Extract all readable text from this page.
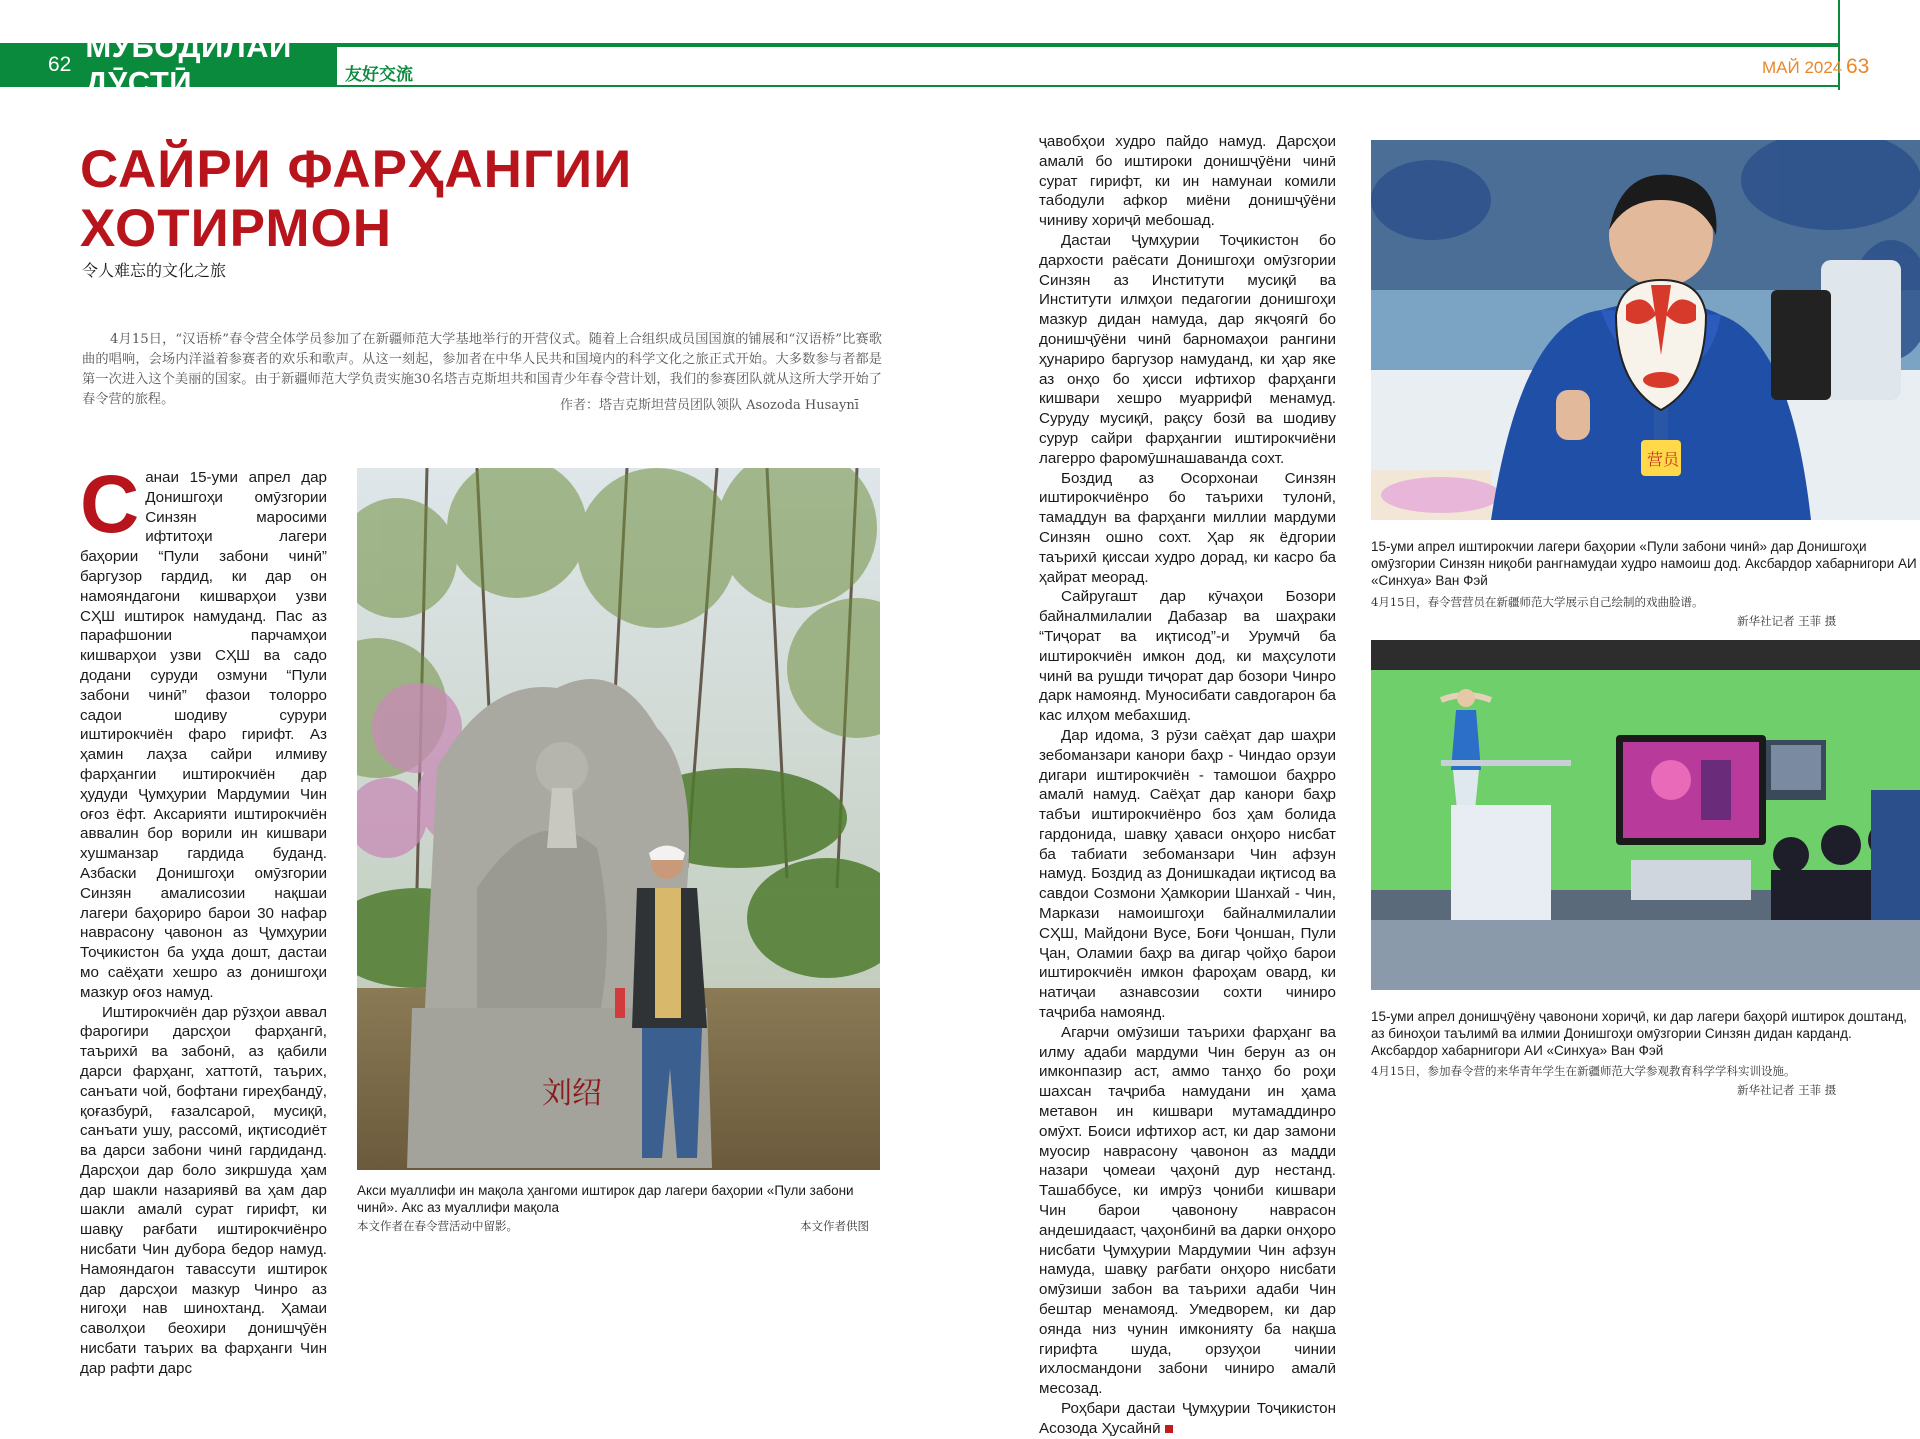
62
МУБОДИЛАИ ДӮСТӢ	友好交流	МАЙ 2024 63
САЙРИ ФАРҲАНГИИ ХОТИРМОН
令人难忘的文化之旅
4月15日，“汉语桥”春令营全体学员参加了在新疆师范大学基地举行的开营仪式。随着上合组织成员国国旗的铺展和“汉语桥”比赛歌曲的唱响，会场内洋溢着参赛者的欢乐和歌声。从这一刻起，参加者在中华人民共和国境内的科学文化之旅正式开始。大多数参与者都是第一次进入这个美丽的国家。由于新疆师范大学负责实施30名塔吉克斯坦共和国青少年春令营计划，我们的参赛团队就从这所大学开始了春令营的旅程。	作者：塔吉克斯坦营员团队领队 Asozoda Husaynī

Санаи 15-уми апрел дар Донишгоҳи омӯзгории Синзян маросими ифтитоҳи лагери баҳории “Пули забони чинӣ” баргузор гардид, ки дар он намояндагони кишварҳои узви СҲШ иштирок намуданд. Пас аз парафшонии парчамҳои кишварҳои узви СҲШ ва садо додани суруди озмуни “Пули забони чинӣ” фазои толорро садои шодиву сурури иштирокчиён фаро гирифт. Аз ҳамин лаҳза сайри илмиву фарҳангии иштирокчиён дар ҳудуди Ҷумҳурии Мардумии Чин оғоз ёфт. Аксарияти иштирокчиён аввалин бор ворили ин кишвари хушманзар гардида буданд. Азбаски Донишгоҳи омӯзгории Синзян амалисозии нақшаи лагери баҳориро барои 30 нафар наврасону ҷавонон аз Ҷумҳурии Тоҷикистон ба уҳда дошт, дастаи мо саёҳати хешро аз донишгоҳи мазкур оғоз намуд.

Иштирокчиён дар рӯзҳои аввал фарогири дарсҳои фарҳангӣ, таърихӣ ва забонӣ, аз қабили дарси фарҳанг, хаттотӣ, таърих, санъати чой, бофтани гиреҳбандӯ, қоғазбурӣ, ғазалсароӣ, мусиқӣ, санъати ушу, рассомӣ, иқтисодиёт ва дарси забони чинӣ гардиданд. Дарсҳои дар боло зикршуда ҳам дар шакли назариявӣ ва ҳам дар шакли амалӣ сурат гирифт, ки шавқу рағбати иштирокчиёнро нисбати Чин дубора бедор намуд. Намояндагон тавассути иштирок дар дарсҳои мазкур Чинро аз нигоҳи нав шинохтанд. Ҳамаи саволҳои беохири донишҷӯён нисбати таърих ва фарҳанги Чин дар рафти дарс

刘绍
Акси муаллифи ин мақола ҳангоми иштирок дар лагери баҳории «Пули забони чинӣ». Акс аз муаллифи мақола
本文作者在春令营活动中留影。	本文作者供图

ҷавобҳои худро пайдо намуд. Дарсҳои амалӣ бо иштироки донишҷӯёни чинӣ сурат гирифт, ки ин намунаи комили табодули афкор миёни донишҷӯёни чиниву хориҷӣ мебошад.

Дастаи Ҷумҳурии Тоҷикистон бо дархости раёсати Донишгоҳи омӯзгории Синзян аз Институти мусиқӣ ва Институти илмҳои педагогии донишгоҳи мазкур дидан намуда, дар якҷоягӣ бо донишҷӯёни чинӣ барномаҳои рангини ҳунариро баргузор намуданд, ки ҳар яке аз онҳо бо ҳисси ифтихор фарҳанги кишвари хешро муаррифӣ менамуд. Суруду мусиқӣ, рақсу бозӣ ва шодиву сурур сайри фарҳангии иштирокчиёни лагерро фаромӯшнашаванда сохт.

Боздид аз Осорхонаи Синзян иштирокчиёнро бо таърихи тулонӣ, тамаддун ва фарҳанги миллии мардуми Синзян ошно сохт. Ҳар як ёдгории таърихӣ қиссаи худро дорад, ки касро ба ҳайрат меорад.

Сайругашт дар кӯчаҳои Бозори байналмилалии Дабазар ва шаҳраки “Тиҷорат ва иқтисод”-и Урумчӣ ба иштирокчиён имкон дод, ки маҳсулоти чинӣ ва рушди тиҷорат дар бозори Чинро дарк намоянд. Муносибати савдогарон ба кас илҳом мебахшид.

Дар идома, 3 рӯзи саёҳат дар шаҳри зебоманзари канори баҳр - Чиндао орзуи дигари иштирокчиён - тамошои баҳрро амалӣ намуд. Саёҳат дар канори баҳр табъи иштирокчиёнро боз ҳам болида гардонида, шавқу ҳаваси онҳоро нисбат ба табиати зебоманзари Чин афзун намуд. Боздид аз Донишкадаи иқтисод ва савдои Созмони Ҳамкории Шанхай - Чин, Маркази намоишгоҳи байналмилалии СҲШ, Майдони Вусе, Боғи Ҷоншан, Пули Ҷан, Оламии баҳр ва дигар ҷойҳо барои иштирокчиён имкон фароҳам овард, ки натиҷаи азнавсозии сохти чиниро таҷриба намоянд.

Агарчи омӯзиши таърихи фарҳанг ва илму адаби мардуми Чин берун аз он имконпазир аст, аммо танҳо бо роҳи шахсан таҷриба намудани ин ҳама метавон ин кишвари мутамаддинро омӯхт. Боиси ифтихор аст, ки дар замони муосир наврасону ҷавонон аз мадди назари ҷомеаи ҷаҳонӣ дур нестанд. Ташаббусе, ки имрӯз ҷониби кишвари Чин барои ҷавонону наврасон андешидааст, ҷаҳонбинӣ ва дарки онҳоро нисбати Ҷумҳурии Мардумии Чин афзун намуда, шавқу рағбати онҳоро нисбати омӯзиши забон ва таърихи адаби Чин бештар менамояд. Умедворем, ки дар оянда низ чунин имконияту ба нақша гирифта шуда, орзуҳои чинии ихлосмандони забони чиниро амалӣ месозад.

Роҳбари дастаи Ҷумҳурии Тоҷикистон Асозода Ҳусайнӣ

营员
15-уми апрел иштирокчии лагери баҳории «Пули забони чинӣ» дар Донишгоҳи омӯзгории Синзян ниқоби рангнамудаи худро намоиш дод. Аксбардор хабарнигори АИ «Синхуа» Ван Фэй
4月15日，春令营营员在新疆师范大学展示自己绘制的戏曲脸谱。
新华社记者 王菲 摄
15-уми апрел донишҷӯёну ҷавонони хориҷӣ, ки дар лагери баҳорӣ иштирок доштанд, аз биноҳои таълимӣ ва илмии Донишгоҳи омӯзгории Синзян дидан карданд. Аксбардор хабарнигори АИ «Синхуа» Ван Фэй
4月15日，参加春令营的来华青年学生在新疆师范大学参观教育科学学科实训设施。
新华社记者 王菲 摄
